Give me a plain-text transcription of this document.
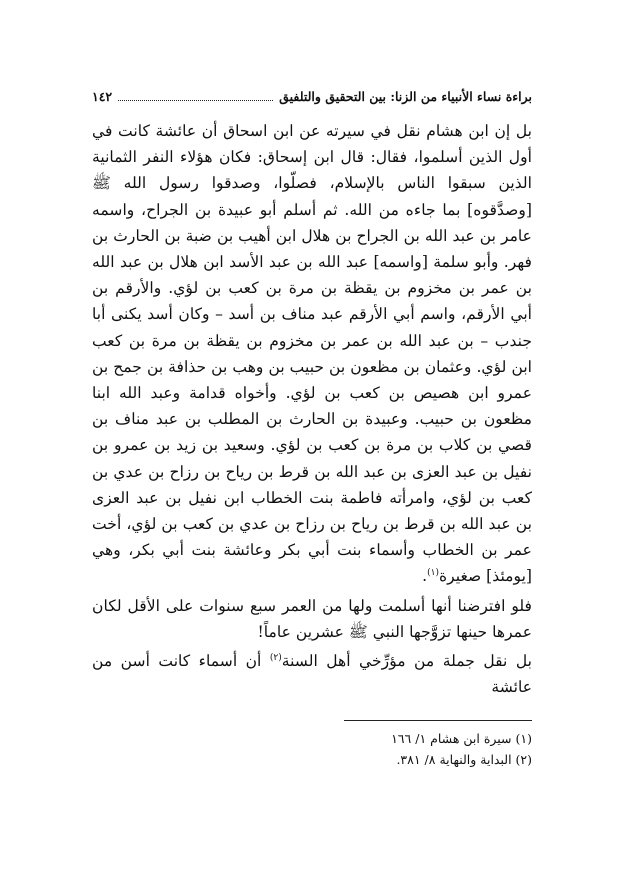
براءة نساء الأنبياء من الزنا: بين التحقيق والتلفيق
١٤٢

بل إن ابن هشام نقل في سيرته عن ابن اسحاق أن عائشة كانت في أول الذين أسلموا، فقال: قال ابن إسحاق: فكان هؤلاء النفر الثمانية الذين سبقوا الناس بالإسلام، فصلّوا، وصدقوا رسول الله ﷺ [وصدَّقوه] بما جاءه من الله. ثم أسلم أبو عبيدة بن الجراح، واسمه عامر بن عبد الله بن الجراح بن هلال ابن أهيب بن ضبة بن الحارث بن فهر. وأبو سلمة [واسمه] عبد الله بن عبد الأسد ابن هلال بن عبد الله بن عمر بن مخزوم بن يقظة بن مرة بن كعب بن لؤي. والأرقم بن أبي الأرقم، واسم أبي الأرقم عبد مناف بن أسد – وكان أسد يكنى أبا جندب – بن عبد الله بن عمر بن مخزوم بن يقظة بن مرة بن كعب ابن لؤي. وعثمان بن مظعون بن حبيب بن وهب بن حذافة بن جمح بن عمرو ابن هصيص بن كعب بن لؤي. وأخواه قدامة وعبد الله ابنا مظعون بن حبيب. وعبيدة بن الحارث بن المطلب بن عبد مناف بن قصي بن كلاب بن مرة بن كعب بن لؤي. وسعيد بن زيد بن عمرو بن نفيل بن عبد العزى بن عبد الله بن قرط بن رياح بن رزاح بن عدي بن كعب بن لؤي، وامرأته فاطمة بنت الخطاب ابن نفيل بن عبد العزى بن عبد الله بن قرط بن رياح بن رزاح بن عدي بن كعب بن لؤي، أخت عمر بن الخطاب وأسماء بنت أبي بكر وعائشة بنت أبي بكر، وهي [يومئذ] صغيرة$^{(١)}$.

فلو افترضنا أنها أسلمت ولها من العمر سبع سنوات على الأقل لكان عمرها حينها تزوَّجها النبي ﷺ عشرين عاماً!

بل نقل جملة من مؤرِّخي أهل السنة$^{(٢)}$ أن أسماء كانت أسن من عائشة

(١) سيرة ابن هشام ١/ ١٦٦
(٢) البداية والنهاية ٨/ ٣٨١.
